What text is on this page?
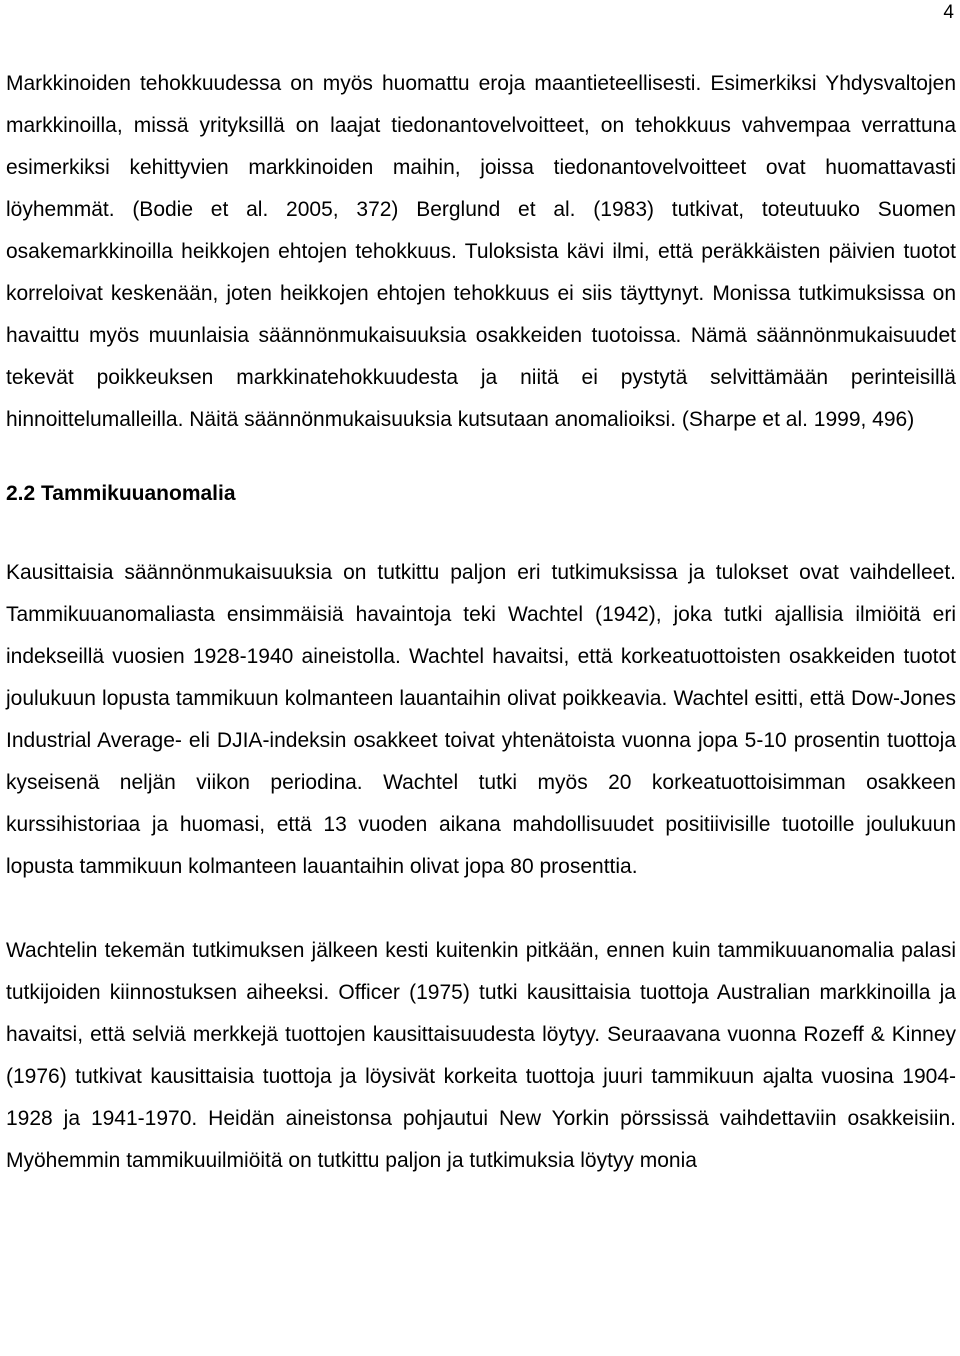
4

Markkinoiden tehokkuudessa on myös huomattu eroja maantieteellisesti. Esimerkiksi Yhdysvaltojen markkinoilla, missä yrityksillä on laajat tiedonantovelvoitteet, on tehokkuus vahvempaa verrattuna esimerkiksi kehittyvien markkinoiden maihin, joissa tiedonantovelvoitteet ovat huomattavasti löyhemmät. (Bodie et al. 2005, 372) Berglund et al. (1983) tutkivat, toteutuuko Suomen osakemarkkinoilla heikkojen ehtojen tehokkuus. Tuloksista kävi ilmi, että peräkkäisten päivien tuotot korreloivat keskenään, joten heikkojen ehtojen tehokkuus ei siis täyttynyt. Monissa tutkimuksissa on havaittu myös muunlaisia säännönmukaisuuksia osakkeiden tuotoissa. Nämä säännönmukaisuudet tekevät poikkeuksen markkinatehokkuudesta ja niitä ei pystytä selvittämään perinteisillä hinnoittelumalleilla. Näitä säännönmukaisuuksia kutsutaan anomalioiksi. (Sharpe et al. 1999, 496)

2.2 Tammikuuanomalia

Kausittaisia säännönmukaisuuksia on tutkittu paljon eri tutkimuksissa ja tulokset ovat vaihdelleet. Tammikuuanomaliasta ensimmäisiä havaintoja teki Wachtel (1942), joka tutki ajallisia ilmiöitä eri indekseillä vuosien 1928-1940 aineistolla. Wachtel havaitsi, että korkeatuottoisten osakkeiden tuotot joulukuun lopusta tammikuun kolmanteen lauantaihin olivat poikkeavia. Wachtel esitti, että Dow-Jones Industrial Average- eli DJIA-indeksin osakkeet toivat yhtenätoista vuonna jopa 5-10 prosentin tuottoja kyseisenä neljän viikon periodina. Wachtel tutki myös 20 korkeatuottoisimman osakkeen kurssihistoriaa ja huomasi, että 13 vuoden aikana mahdollisuudet positiivisille tuotoille joulukuun lopusta tammikuun kolmanteen lauantaihin olivat jopa 80 prosenttia.

Wachtelin tekemän tutkimuksen jälkeen kesti kuitenkin pitkään, ennen kuin tammikuuanomalia palasi tutkijoiden kiinnostuksen aiheeksi. Officer (1975) tutki kausittaisia tuottoja Australian markkinoilla ja havaitsi, että selviä merkkejä tuottojen kausittaisuudesta löytyy. Seuraavana vuonna Rozeff & Kinney (1976) tutkivat kausittaisia tuottoja ja löysivät korkeita tuottoja juuri tammikuun ajalta vuosina 1904-1928 ja 1941-1970. Heidän aineistonsa pohjautui New Yorkin pörssissä vaihdettaviin osakkeisiin. Myöhemmin tammikuuilmiöitä on tutkittu paljon ja tutkimuksia löytyy monia
